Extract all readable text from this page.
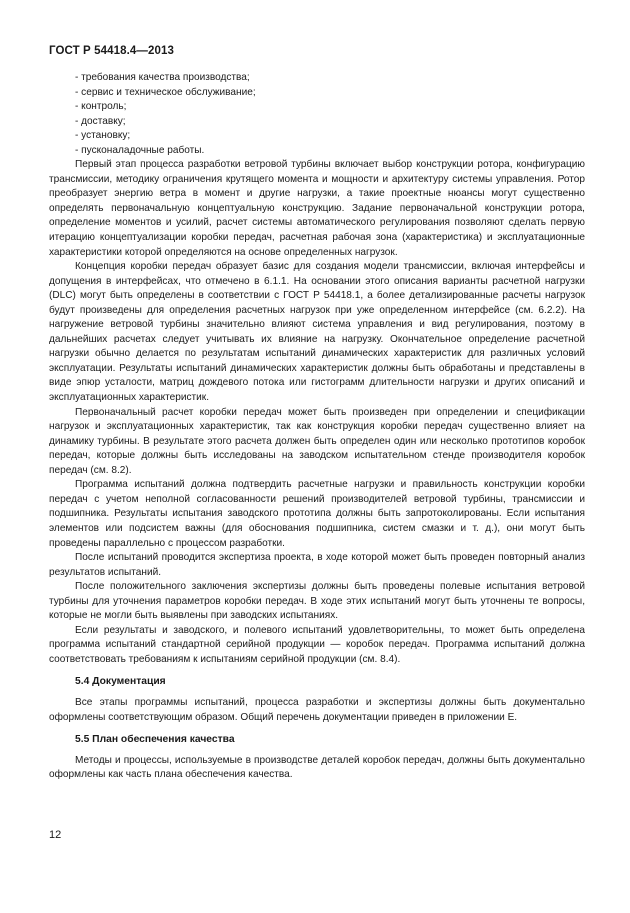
ГОСТ Р 54418.4—2013

- требования качества производства;

- сервис и техническое обслуживание;

- контроль;

- доставку;

- установку;

- пусконаладочные работы.

Первый этап процесса разработки ветровой турбины включает выбор конструкции ротора, конфигурацию трансмиссии, методику ограничения крутящего момента и мощности и архитектуру системы управления. Ротор преобразует энергию ветра в момент и другие нагрузки, а такие проектные нюансы могут существенно определять первоначальную концептуальную конструкцию. Задание первоначальной конструкции ротора, определение моментов и усилий, расчет системы автоматического регулирования позволяют сделать первую итерацию концептуализации коробки передач, расчетная рабочая зона (характеристика) и эксплуатационные характеристики которой определяются на основе определенных нагрузок.

Концепция коробки передач образует базис для создания модели трансмиссии, включая интерфейсы и допущения в интерфейсах, что отмечено в 6.1.1. На основании этого описания варианты расчетной нагрузки (DLC) могут быть определены в соответствии с ГОСТ Р 54418.1, а более детализированные расчеты нагрузок будут произведены для определения расчетных нагрузок при уже определенном интерфейсе (см. 6.2.2). На нагружение ветровой турбины значительно влияют система управления и вид регулирования, поэтому в дальнейших расчетах следует учитывать их влияние на нагрузку. Окончательное определение расчетной нагрузки обычно делается по результатам испытаний динамических характеристик для различных условий эксплуатации. Результаты испытаний динамических характеристик должны быть обработаны и представлены в виде эпюр усталости, матриц дождевого потока или гистограмм длительности нагрузки и других описаний и эксплуатационных характеристик.

Первоначальный расчет коробки передач может быть произведен при определении и спецификации нагрузок и эксплуатационных характеристик, так как конструкция коробки передач существенно влияет на динамику турбины. В результате этого расчета должен быть определен один или несколько прототипов коробок передач, которые должны быть исследованы на заводском испытательном стенде производителя коробок передач (см. 8.2).

Программа испытаний должна подтвердить расчетные нагрузки и правильность конструкции коробки передач с учетом неполной согласованности решений производителей ветровой турбины, трансмиссии и подшипника. Результаты испытания заводского прототипа должны быть запротоколированы. Если испытания элементов или подсистем важны (для обоснования подшипника, систем смазки и т. д.), они могут быть проведены параллельно с процессом разработки.

После испытаний проводится экспертиза проекта, в ходе которой может быть проведен повторный анализ результатов испытаний.

После положительного заключения экспертизы должны быть проведены полевые испытания ветровой турбины для уточнения параметров коробки передач. В ходе этих испытаний могут быть уточнены те вопросы, которые не могли быть выявлены при заводских испытаниях.

Если результаты и заводского, и полевого испытаний удовлетворительны, то может быть определена программа испытаний стандартной серийной продукции — коробок передач. Программа испытаний должна соответствовать требованиям к испытаниям серийной продукции (см. 8.4).

5.4 Документация

Все этапы программы испытаний, процесса разработки и экспертизы должны быть документально оформлены соответствующим образом. Общий перечень документации приведен в приложении Е.

5.5 План обеспечения качества

Методы и процессы, используемые в производстве деталей коробок передач, должны быть документально оформлены как часть плана обеспечения качества.

12
